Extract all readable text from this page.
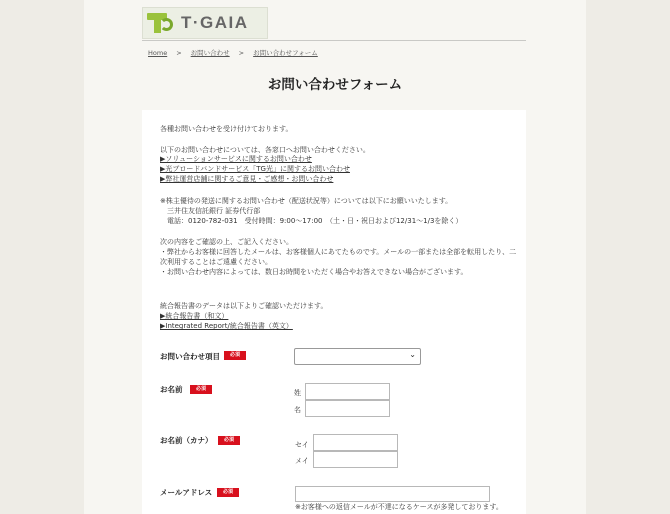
T·GAIA
Home > お問い合わせ > お問い合わせフォーム
お問い合わせフォーム
各種お問い合わせを受け付けております。
以下のお問い合わせについては、各窓口へお問い合わせください。
▶ソリューションサービスに関するお問い合わせ
▶光ブロードバンドサービス「TG光」に関するお問い合わせ
▶弊社運営店舗に関するご意見・ご感想・お問い合わせ
※株主優待の発送に関するお問い合わせ（配送状況等）については以下にお願いいたします。
三井住友信託銀行 証券代行部
電話：0120-782-031　受付時間：9:00～17:00　（土・日・祝日および12/31～1/3を除く）
次の内容をご確認の上、ご記入ください。
・弊社からお客様に回答したメールは、お客様個人にあてたものです。メールの一部または全部を転用したり、二
次利用することはご遠慮ください。
・お問い合わせ内容によっては、数日お時間をいただく場合やお答えできない場合がございます。
統合報告書のデータは以下よりご確認いただけます。
▶統合報告書（和文）
▶Integrated Report/統合報告書（英文）
お問い合わせ項目	必須	⌄
お名前	必須	姓
名
お名前（カナ）	必須
セイ
メイ
メールアドレス	必須
※お客様への返信メールが不達になるケースが多発しております。
